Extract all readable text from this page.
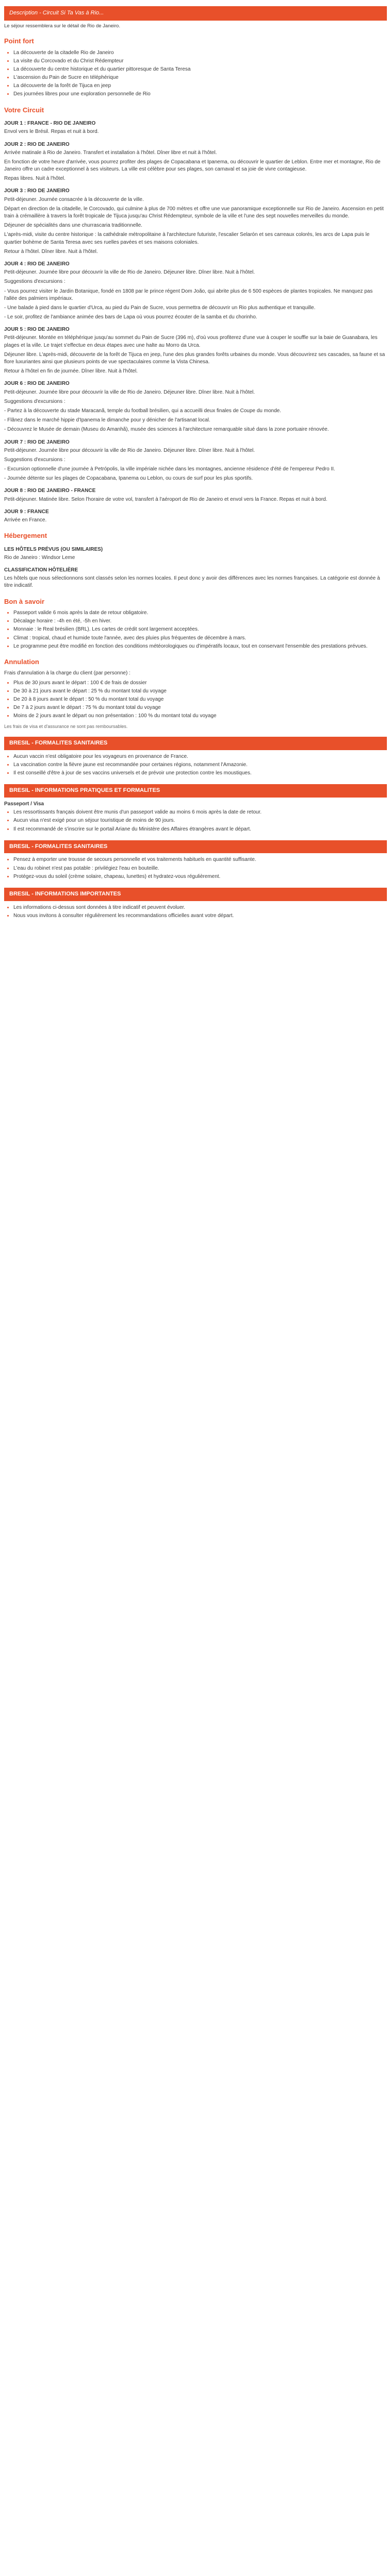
Description - Circuit Si Ta Vas à Rio...

Le séjour ressemblera sur le détail de Rio de Janeiro.

Point fort
• La découverte de la citadelle Rio de Janeiro
• La visite du Corcovado et du Christ Rédempteur
• La découverte du centre historique et du quartier pittoresque de Santa Teresa
• L'ascension du Pain de Sucre en téléphérique
• La découverte de la forêt de Tijuca en jeep
• Des journées libres pour une exploration personnelle de Rio
Votre Circuit
JOUR 1 : FRANCE - RIO DE JANEIRO

Envol vers le Brésil. Repas et nuit à bord.

JOUR 2 : RIO DE JANEIRO

Arrivée matinale à Rio de Janeiro. Transfert et installation à l'hôtel. Dîner libre et nuit à l'hôtel.

En fonction de votre heure d'arrivée, vous pourrez profiter des plages de Copacabana et Ipanema, ou découvrir le quartier de Leblon. Entre mer et montagne, Rio de Janeiro offre un cadre exceptionnel à ses visiteurs. La ville est célèbre pour ses plages, son carnaval et sa joie de vivre contagieuse.

Repas libres. Nuit à l'hôtel.

JOUR 3 : RIO DE JANEIRO

Petit-déjeuner. Journée consacrée à la découverte de la ville.

Départ en direction de la citadelle, le Corcovado, qui culmine à plus de 700 mètres et offre une vue panoramique exceptionnelle sur Rio de Janeiro. Ascension en petit train à crémaillère à travers la forêt tropicale de Tijuca jusqu'au Christ Rédempteur, symbole de la ville et l'une des sept nouvelles merveilles du monde.

Déjeuner de spécialités dans une churrascaria traditionnelle.

L'après-midi, visite du centre historique : la cathédrale métropolitaine à l'architecture futuriste, l'escalier Selarón et ses carreaux colorés, les arcs de Lapa puis le quartier bohème de Santa Teresa avec ses ruelles pavées et ses maisons coloniales.

Retour à l'hôtel. Dîner libre. Nuit à l'hôtel.

JOUR 4 : RIO DE JANEIRO

Petit-déjeuner. Journée libre pour découvrir la ville de Rio de Janeiro. Déjeuner libre. Dîner libre. Nuit à l'hôtel.

Suggestions d'excursions :

- Vous pourrez visiter le Jardin Botanique, fondé en 1808 par le prince régent Dom João, qui abrite plus de 6 500 espèces de plantes tropicales. Ne manquez pas l'allée des palmiers impériaux.

- Une balade à pied dans le quartier d'Urca, au pied du Pain de Sucre, vous permettra de découvrir un Rio plus authentique et tranquille.

- Le soir, profitez de l'ambiance animée des bars de Lapa où vous pourrez écouter de la samba et du chorinho.

JOUR 5 : RIO DE JANEIRO

Petit-déjeuner. Montée en téléphérique jusqu'au sommet du Pain de Sucre (396 m), d'où vous profiterez d'une vue à couper le souffle sur la baie de Guanabara, les plages et la ville. Le trajet s'effectue en deux étapes avec une halte au Morro da Urca.

Déjeuner libre. L'après-midi, découverte de la forêt de Tijuca en jeep, l'une des plus grandes forêts urbaines du monde. Vous découvrirez ses cascades, sa faune et sa flore luxuriantes ainsi que plusieurs points de vue spectaculaires comme la Vista Chinesa.

Retour à l'hôtel en fin de journée. Dîner libre. Nuit à l'hôtel.

JOUR 6 : RIO DE JANEIRO

Petit-déjeuner. Journée libre pour découvrir la ville de Rio de Janeiro. Déjeuner libre. Dîner libre. Nuit à l'hôtel.

Suggestions d'excursions :

- Partez à la découverte du stade Maracanã, temple du football brésilien, qui a accueilli deux finales de Coupe du monde.

- Flânez dans le marché hippie d'Ipanema le dimanche pour y dénicher de l'artisanat local.

- Découvrez le Musée de demain (Museu do Amanhã), musée des sciences à l'architecture remarquable situé dans la zone portuaire rénovée.

JOUR 7 : RIO DE JANEIRO

Petit-déjeuner. Journée libre pour découvrir la ville de Rio de Janeiro. Déjeuner libre. Dîner libre. Nuit à l'hôtel.

Suggestions d'excursions :

- Excursion optionnelle d'une journée à Petrópolis, la ville impériale nichée dans les montagnes, ancienne résidence d'été de l'empereur Pedro II.

- Journée détente sur les plages de Copacabana, Ipanema ou Leblon, ou cours de surf pour les plus sportifs.

JOUR 8 : RIO DE JANEIRO - FRANCE

Petit-déjeuner. Matinée libre. Selon l'horaire de votre vol, transfert à l'aéroport de Rio de Janeiro et envol vers la France. Repas et nuit à bord.

JOUR 9 : FRANCE

Arrivée en France.

Hébergement
LES HÔTELS PRÉVUS (OU SIMILAIRES)

Rio de Janeiro : Windsor Leme

CLASSIFICATION HÔTELIÈRE

Les hôtels que nous sélectionnons sont classés selon les normes locales. Il peut donc y avoir des différences avec les normes françaises. La catégorie est donnée à titre indicatif.

Bon à savoir
• Passeport valide 6 mois après la date de retour obligatoire.
• Décalage horaire : -4h en été, -5h en hiver.
• Monnaie : le Real brésilien (BRL). Les cartes de crédit sont largement acceptées.
• Climat : tropical, chaud et humide toute l'année, avec des pluies plus fréquentes de décembre à mars.
• Le programme peut être modifié en fonction des conditions météorologiques ou d'impératifs locaux, tout en conservant l'ensemble des prestations prévues.
Annulation

Frais d'annulation à la charge du client (par personne) :

• Plus de 30 jours avant le départ : 100 € de frais de dossier
• De 30 à 21 jours avant le départ : 25 % du montant total du voyage
• De 20 à 8 jours avant le départ : 50 % du montant total du voyage
• De 7 à 2 jours avant le départ : 75 % du montant total du voyage
• Moins de 2 jours avant le départ ou non présentation : 100 % du montant total du voyage

Les frais de visa et d'assurance ne sont pas remboursables.

BRESIL - FORMALITES SANITAIRES
• Aucun vaccin n'est obligatoire pour les voyageurs en provenance de France.
• La vaccination contre la fièvre jaune est recommandée pour certaines régions, notamment l'Amazonie.
• Il est conseillé d'être à jour de ses vaccins universels et de prévoir une protection contre les moustiques.
BRESIL - INFORMATIONS PRATIQUES ET FORMALITES

Passeport / Visa

• Les ressortissants français doivent être munis d'un passeport valide au moins 6 mois après la date de retour.
• Aucun visa n'est exigé pour un séjour touristique de moins de 90 jours.
• Il est recommandé de s'inscrire sur le portail Ariane du Ministère des Affaires étrangères avant le départ.
BRESIL - FORMALITES SANITAIRES
• Pensez à emporter une trousse de secours personnelle et vos traitements habituels en quantité suffisante.
• L'eau du robinet n'est pas potable : privilégiez l'eau en bouteille.
• Protégez-vous du soleil (crème solaire, chapeau, lunettes) et hydratez-vous régulièrement.
BRESIL - INFORMATIONS IMPORTANTES
• Les informations ci-dessus sont données à titre indicatif et peuvent évoluer.
• Nous vous invitons à consulter régulièrement les recommandations officielles avant votre départ.
